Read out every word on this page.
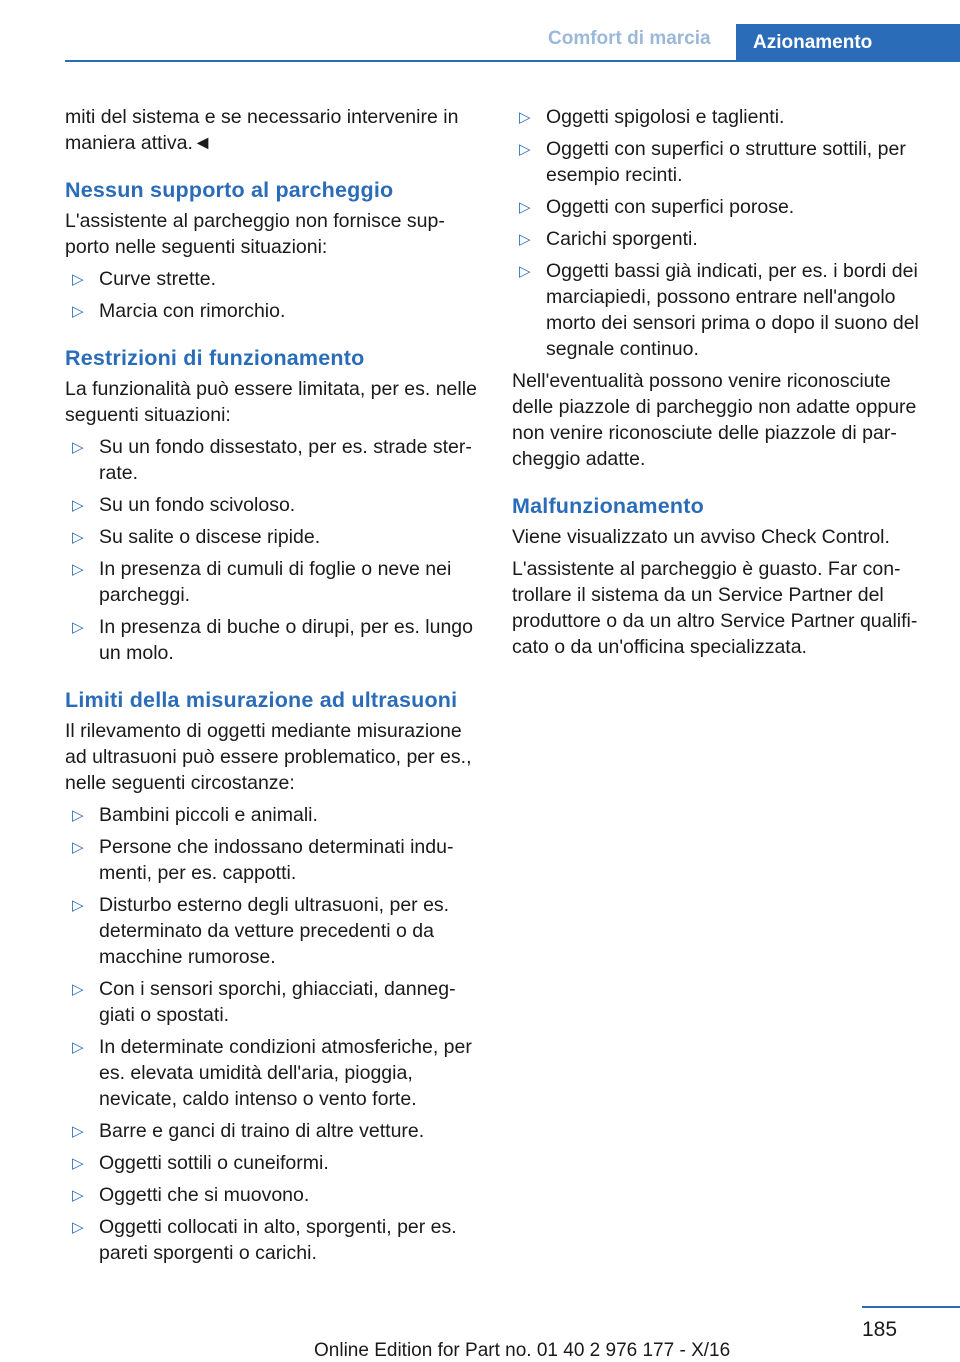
Comfort di marcia	Azionamento

miti del sistema e se necessario intervenire in maniera attiva.◄

Nessun supporto al parcheggio

L'assistente al parcheggio non fornisce supporto nelle seguenti situazioni:

▷ Curve strette.
▷ Marcia con rimorchio.
Restrizioni di funzionamento

La funzionalità può essere limitata, per es. nelle seguenti situazioni:

▷ Su un fondo dissestato, per es. strade sterrate.
▷ Su un fondo scivoloso.
▷ Su salite o discese ripide.
▷ In presenza di cumuli di foglie o neve nei parcheggi.
▷ In presenza di buche o dirupi, per es. lungo un molo.
Limiti della misurazione ad ultrasuoni

Il rilevamento di oggetti mediante misurazione ad ultrasuoni può essere problematico, per es., nelle seguenti circostanze:

▷ Bambini piccoli e animali.
▷ Persone che indossano determinati indumenti, per es. cappotti.
▷ Disturbo esterno degli ultrasuoni, per es. determinato da vetture precedenti o da macchine rumorose.
▷ Con i sensori sporchi, ghiacciati, danneggiati o spostati.
▷ In determinate condizioni atmosferiche, per es. elevata umidità dell'aria, pioggia, nevicate, caldo intenso o vento forte.
▷ Barre e ganci di traino di altre vetture.
▷ Oggetti sottili o cuneiformi.
▷ Oggetti che si muovono.
▷ Oggetti collocati in alto, sporgenti, per es. pareti sporgenti o carichi.
▷ Oggetti spigolosi e taglienti.
▷ Oggetti con superfici o strutture sottili, per esempio recinti.
▷ Oggetti con superfici porose.
▷ Carichi sporgenti.
▷ Oggetti bassi già indicati, per es. i bordi dei marciapiedi, possono entrare nell'angolo morto dei sensori prima o dopo il suono del segnale continuo.

Nell'eventualità possono venire riconosciute delle piazzole di parcheggio non adatte oppure non venire riconosciute delle piazzole di parcheggio adatte.

Malfunzionamento

Viene visualizzato un avviso Check Control.

L'assistente al parcheggio è guasto. Far controllare il sistema da un Service Partner del produttore o da un altro Service Partner qualificato o da un'officina specializzata.

185
Online Edition for Part no. 01 40 2 976 177 - X/16
